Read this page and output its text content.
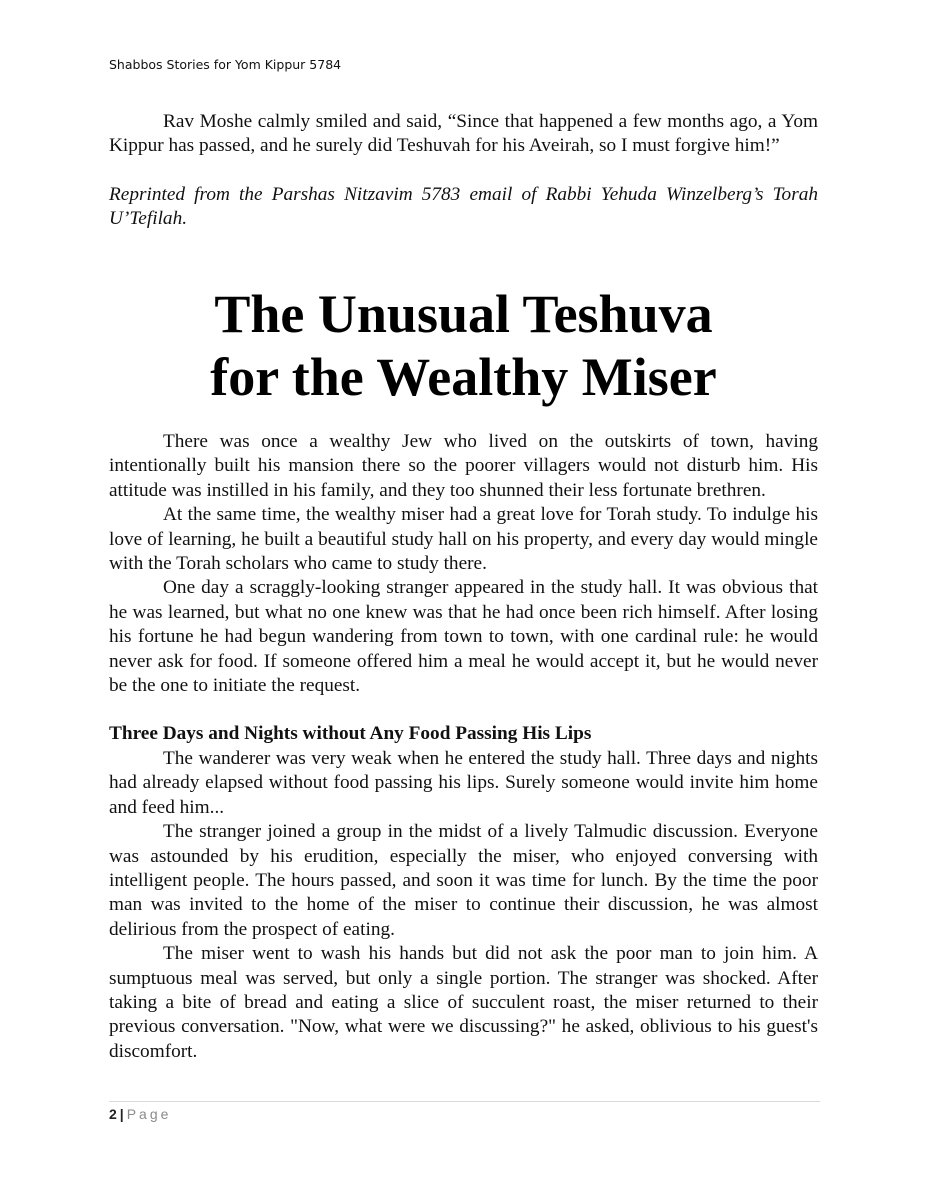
Shabbos Stories for Yom Kippur 5784

Rav Moshe calmly smiled and said, “Since that happened a few months ago, a Yom Kippur has passed, and he surely did Teshuvah for his Aveirah, so I must forgive him!”

Reprinted from the Parshas Nitzavim 5783 email of Rabbi Yehuda Winzelberg’s Torah U’Tefilah.

The Unusual Teshuva
for the Wealthy Miser

There was once a wealthy Jew who lived on the outskirts of town, having intentionally built his mansion there so the poorer villagers would not disturb him. His attitude was instilled in his family, and they too shunned their less fortunate brethren.

At the same time, the wealthy miser had a great love for Torah study. To indulge his love of learning, he built a beautiful study hall on his property, and every day would mingle with the Torah scholars who came to study there.

One day a scraggly-looking stranger appeared in the study hall. It was obvious that he was learned, but what no one knew was that he had once been rich himself. After losing his fortune he had begun wandering from town to town, with one cardinal rule: he would never ask for food. If someone offered him a meal he would accept it, but he would never be the one to initiate the request.

Three Days and Nights without Any Food Passing His Lips

The wanderer was very weak when he entered the study hall. Three days and nights had already elapsed without food passing his lips. Surely someone would invite him home and feed him...

The stranger joined a group in the midst of a lively Talmudic discussion. Everyone was astounded by his erudition, especially the miser, who enjoyed conversing with intelligent people. The hours passed, and soon it was time for lunch. By the time the poor man was invited to the home of the miser to continue their discussion, he was almost delirious from the prospect of eating.

The miser went to wash his hands but did not ask the poor man to join him. A sumptuous meal was served, but only a single portion. The stranger was shocked. After taking a bite of bread and eating a slice of succulent roast, the miser returned to their previous conversation. "Now, what were we discussing?" he asked, oblivious to his guest's discomfort.

2 | Page
